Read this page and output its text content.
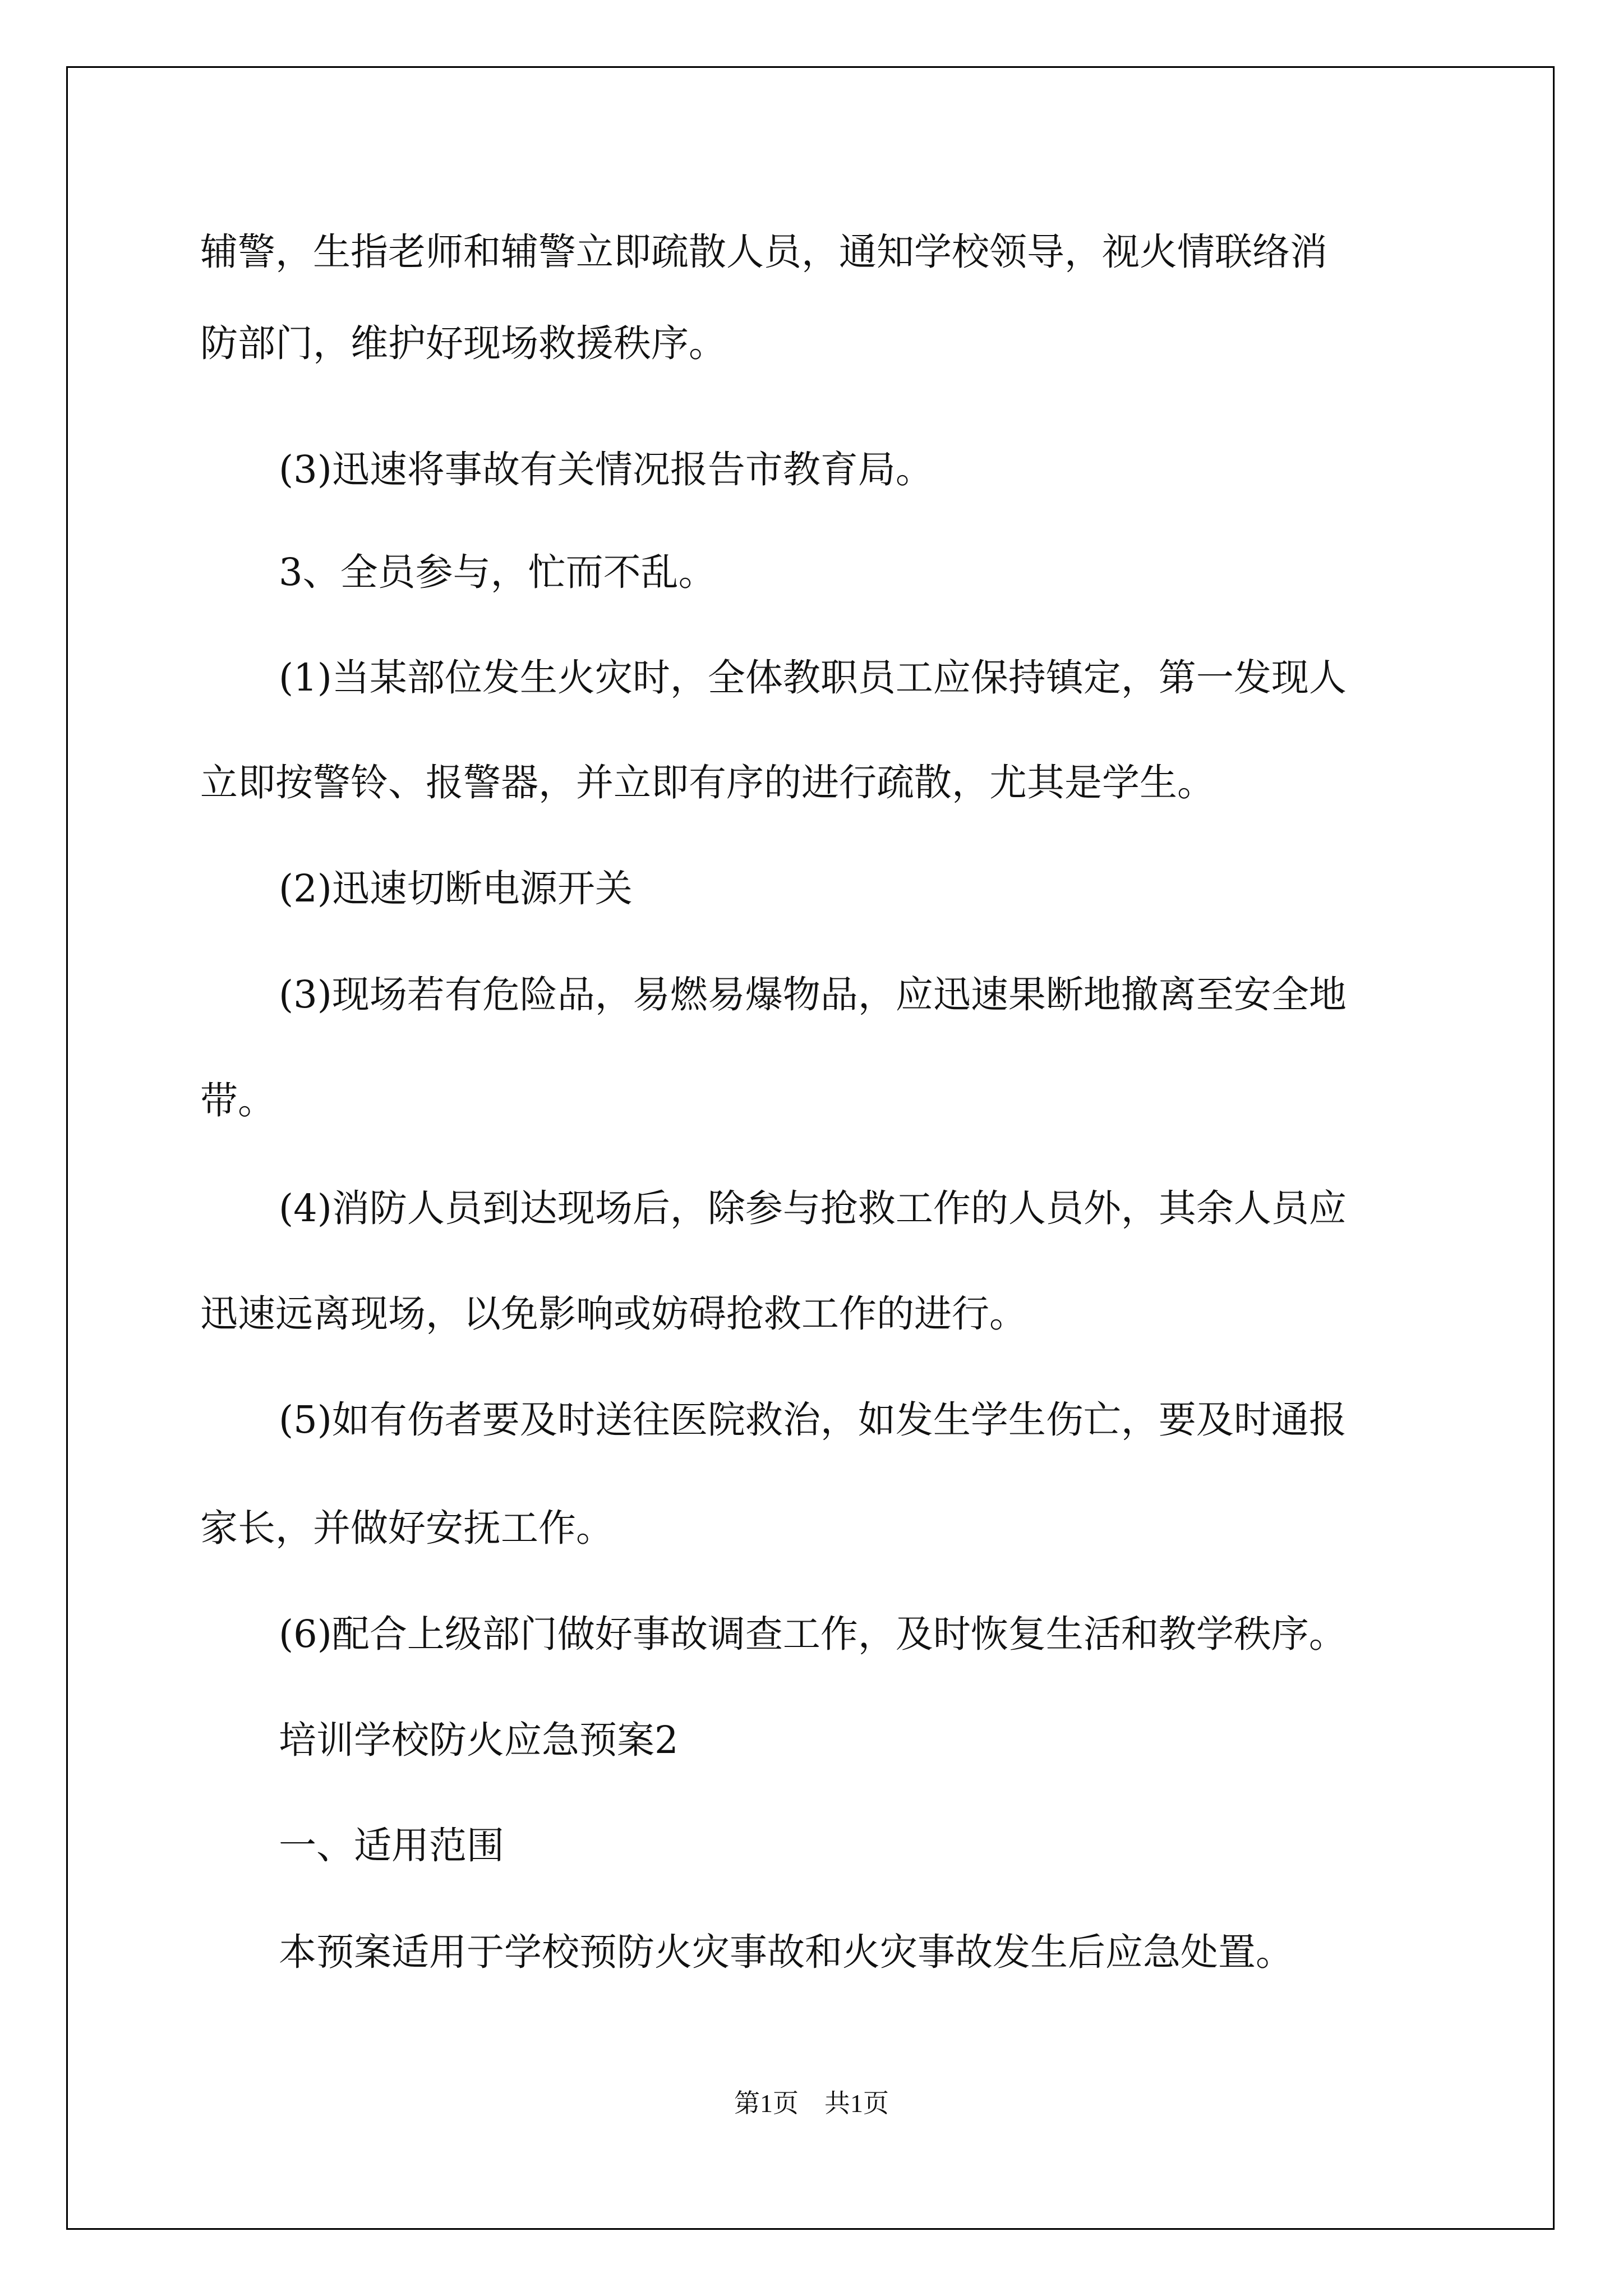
辅警，生指老师和辅警立即疏散人员，通知学校领导，视火情联络消
防部门，维护好现场救援秩序。
(3)迅速将事故有关情况报告市教育局。
3、全员参与，忙而不乱。
(1)当某部位发生火灾时，全体教职员工应保持镇定，第一发现人
立即按警铃、报警器，并立即有序的进行疏散，尤其是学生。
(2)迅速切断电源开关
(3)现场若有危险品，易燃易爆物品，应迅速果断地撤离至安全地
带。
(4)消防人员到达现场后，除参与抢救工作的人员外，其余人员应
迅速远离现场，以免影响或妨碍抢救工作的进行。
(5)如有伤者要及时送往医院救治，如发生学生伤亡，要及时通报
家长，并做好安抚工作。
(6)配合上级部门做好事故调查工作，及时恢复生活和教学秩序。
培训学校防火应急预案2
一、适用范围
本预案适用于学校预防火灾事故和火灾事故发生后应急处置。
第1页　共1页
